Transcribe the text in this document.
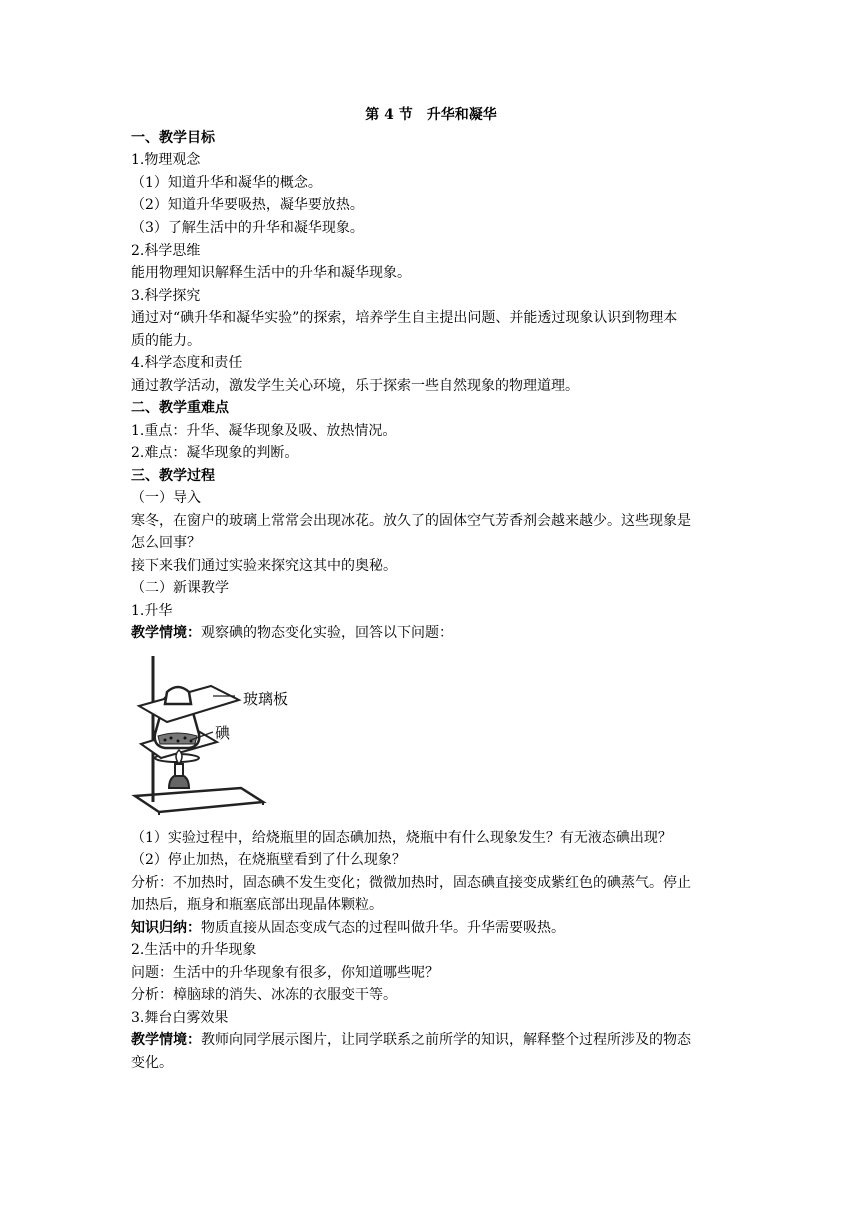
第 4 节　升华和凝华
一、教学目标
1.物理观念
（1）知道升华和凝华的概念。
（2）知道升华要吸热，凝华要放热。
（3）了解生活中的升华和凝华现象。
2.科学思维
能用物理知识解释生活中的升华和凝华现象。
3.科学探究
通过对“碘升华和凝华实验”的探索，培养学生自主提出问题、并能透过现象认识到物理本
质的能力。
4.科学态度和责任
通过教学活动，激发学生关心环境，乐于探索一些自然现象的物理道理。
二、教学重难点
1.重点：升华、凝华现象及吸、放热情况。
2.难点：凝华现象的判断。
三、教学过程
（一）导入
寒冬，在窗户的玻璃上常常会出现冰花。放久了的固体空气芳香剂会越来越少。这些现象是
怎么回事？
接下来我们通过实验来探究这其中的奥秘。
（二）新课教学
1.升华
教学情境：观察碘的物态变化实验，回答以下问题：
玻璃板
碘
（1）实验过程中，给烧瓶里的固态碘加热，烧瓶中有什么现象发生？有无液态碘出现？
（2）停止加热，在烧瓶壁看到了什么现象？
分析：不加热时，固态碘不发生变化；微微加热时，固态碘直接变成紫红色的碘蒸气。停止
加热后，瓶身和瓶塞底部出现晶体颗粒。
知识归纳：物质直接从固态变成气态的过程叫做升华。升华需要吸热。
2.生活中的升华现象
问题：生活中的升华现象有很多，你知道哪些呢？
分析：樟脑球的消失、冰冻的衣服变干等。
3.舞台白雾效果
教学情境：教师向同学展示图片，让同学联系之前所学的知识，解释整个过程所涉及的物态
变化。
